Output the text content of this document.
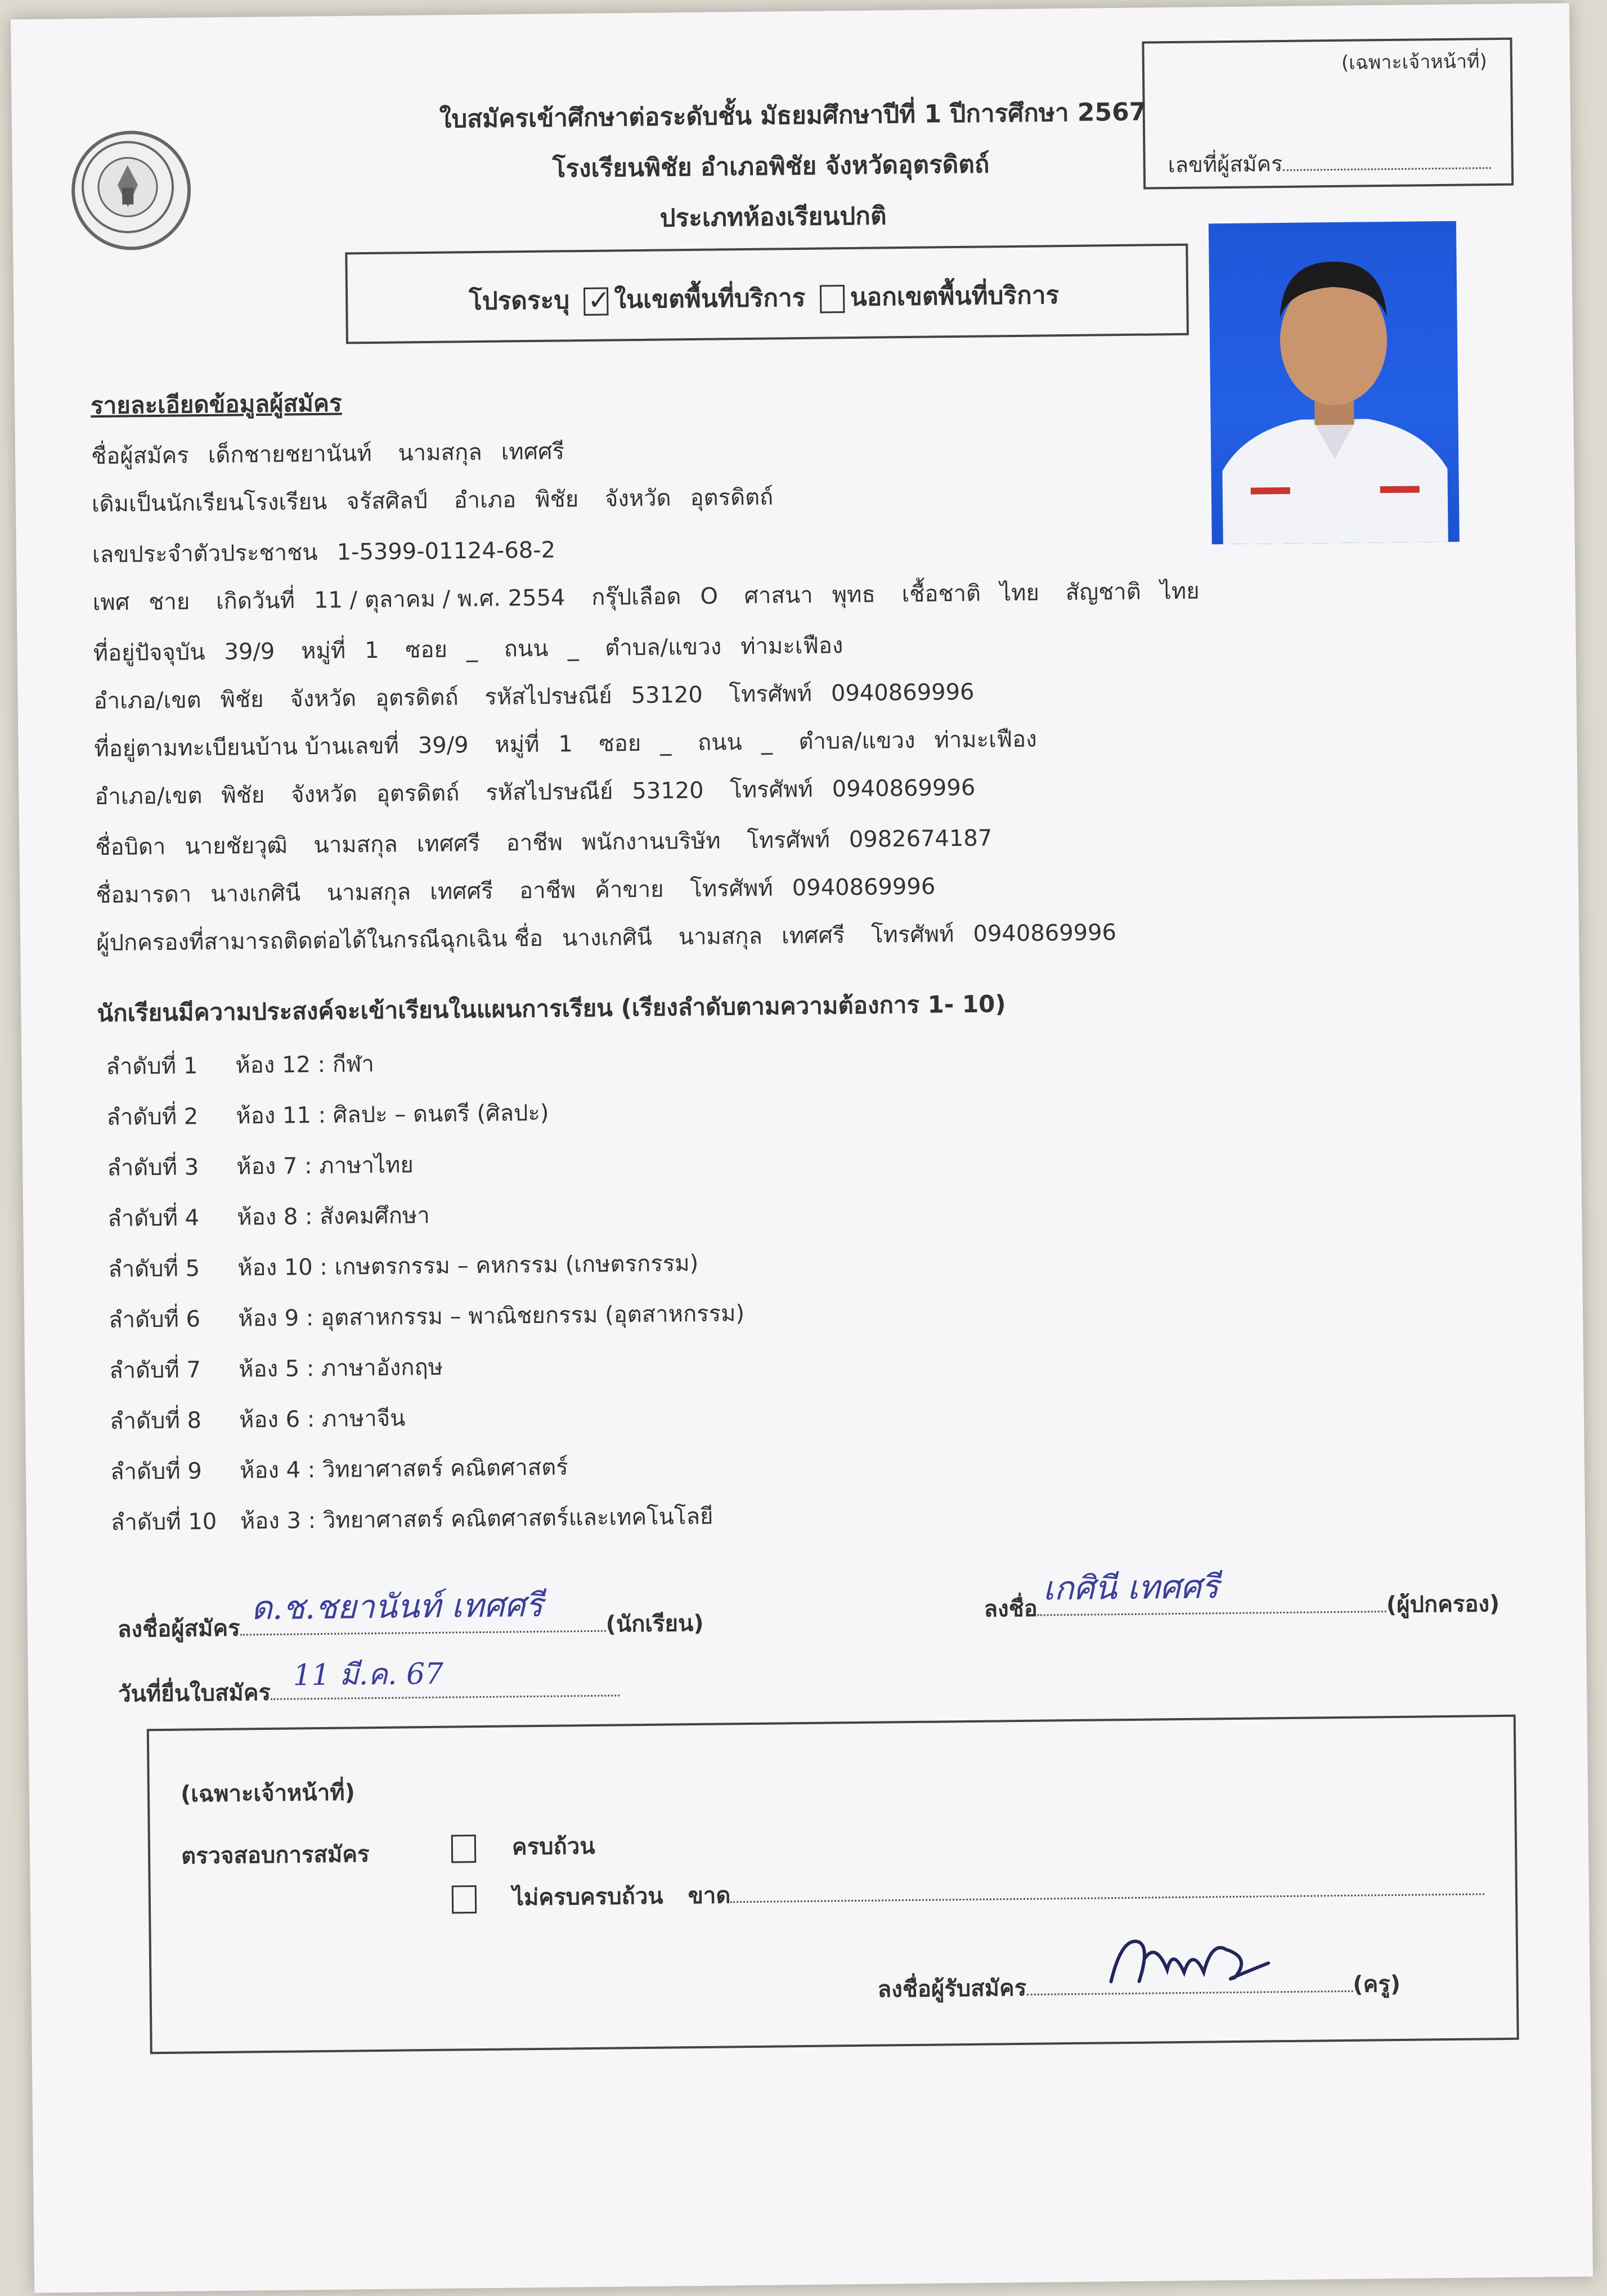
(เฉพาะเจ้าหน้าที่)
เลขที่ผู้สมัคร
ใบสมัครเข้าศึกษาต่อระดับชั้น มัธยมศึกษาปีที่ 1 ปีการศึกษา 2567
โรงเรียนพิชัย อำเภอพิชัย จังหวัดอุตรดิตถ์
ประเภทห้องเรียนปกติ
โปรดระบุ ✓ ในเขตพื้นที่บริการ นอกเขตพื้นที่บริการ
รายละเอียดข้อมูลผู้สมัคร
ชื่อผู้สมัคร เด็กชายชยานันท์ นามสกุล เทศศรี
เดิมเป็นนักเรียนโรงเรียน จรัสศิลป์ อำเภอ พิชัย จังหวัด อุตรดิตถ์
เลขประจำตัวประชาชน 1-5399-01124-68-2
เพศ ชาย เกิดวันที่ 11 / ตุลาคม / พ.ศ. 2554 กรุ๊ปเลือด O ศาสนา พุทธ เชื้อชาติ ไทย สัญชาติ ไทย
ที่อยู่ปัจจุบัน 39/9 หมู่ที่ 1 ซอย _ ถนน _ ตำบล/แขวง ท่ามะเฟือง
อำเภอ/เขต พิชัย จังหวัด อุตรดิตถ์ รหัสไปรษณีย์ 53120 โทรศัพท์ 0940869996
ที่อยู่ตามทะเบียนบ้าน บ้านเลขที่ 39/9 หมู่ที่ 1 ซอย _ ถนน _ ตำบล/แขวง ท่ามะเฟือง
อำเภอ/เขต พิชัย จังหวัด อุตรดิตถ์ รหัสไปรษณีย์ 53120 โทรศัพท์ 0940869996
ชื่อบิดา นายชัยวุฒิ นามสกุล เทศศรี อาชีพ พนักงานบริษัท โทรศัพท์ 0982674187
ชื่อมารดา นางเกศินี นามสกุล เทศศรี อาชีพ ค้าขาย โทรศัพท์ 0940869996
ผู้ปกครองที่สามารถติดต่อได้ในกรณีฉุกเฉิน ชื่อ นางเกศินี นามสกุล เทศศรี โทรศัพท์ 0940869996
นักเรียนมีความประสงค์จะเข้าเรียนในแผนการเรียน (เรียงลำดับตามความต้องการ 1- 10)
ลำดับที่ 1 ห้อง 12 : กีฬา
ลำดับที่ 2 ห้อง 11 : ศิลปะ – ดนตรี (ศิลปะ)
ลำดับที่ 3 ห้อง 7 : ภาษาไทย
ลำดับที่ 4 ห้อง 8 : สังคมศึกษา
ลำดับที่ 5 ห้อง 10 : เกษตรกรรม – คหกรรม (เกษตรกรรม)
ลำดับที่ 6 ห้อง 9 : อุตสาหกรรม – พาณิชยกรรม (อุตสาหกรรม)
ลำดับที่ 7 ห้อง 5 : ภาษาอังกฤษ
ลำดับที่ 8 ห้อง 6 : ภาษาจีน
ลำดับที่ 9 ห้อง 4 : วิทยาศาสตร์ คณิตศาสตร์
ลำดับที่ 10 ห้อง 3 : วิทยาศาสตร์ คณิตศาสตร์และเทคโนโลยี
ลงชื่อผู้สมัคร
ด.ช.ชยานันท์ เทศศรี	(นักเรียน)
ลงชื่อ
เกศินี เทศศรี	(ผู้ปกครอง)
วันที่ยื่นใบสมัคร
11 มี.ค. 67
(เฉพาะเจ้าหน้าที่)
ตรวจสอบการสมัคร	ครบถ้วน
ไม่ครบครบถ้วน ขาด
ลงชื่อผู้รับสมัคร	(ครู)
